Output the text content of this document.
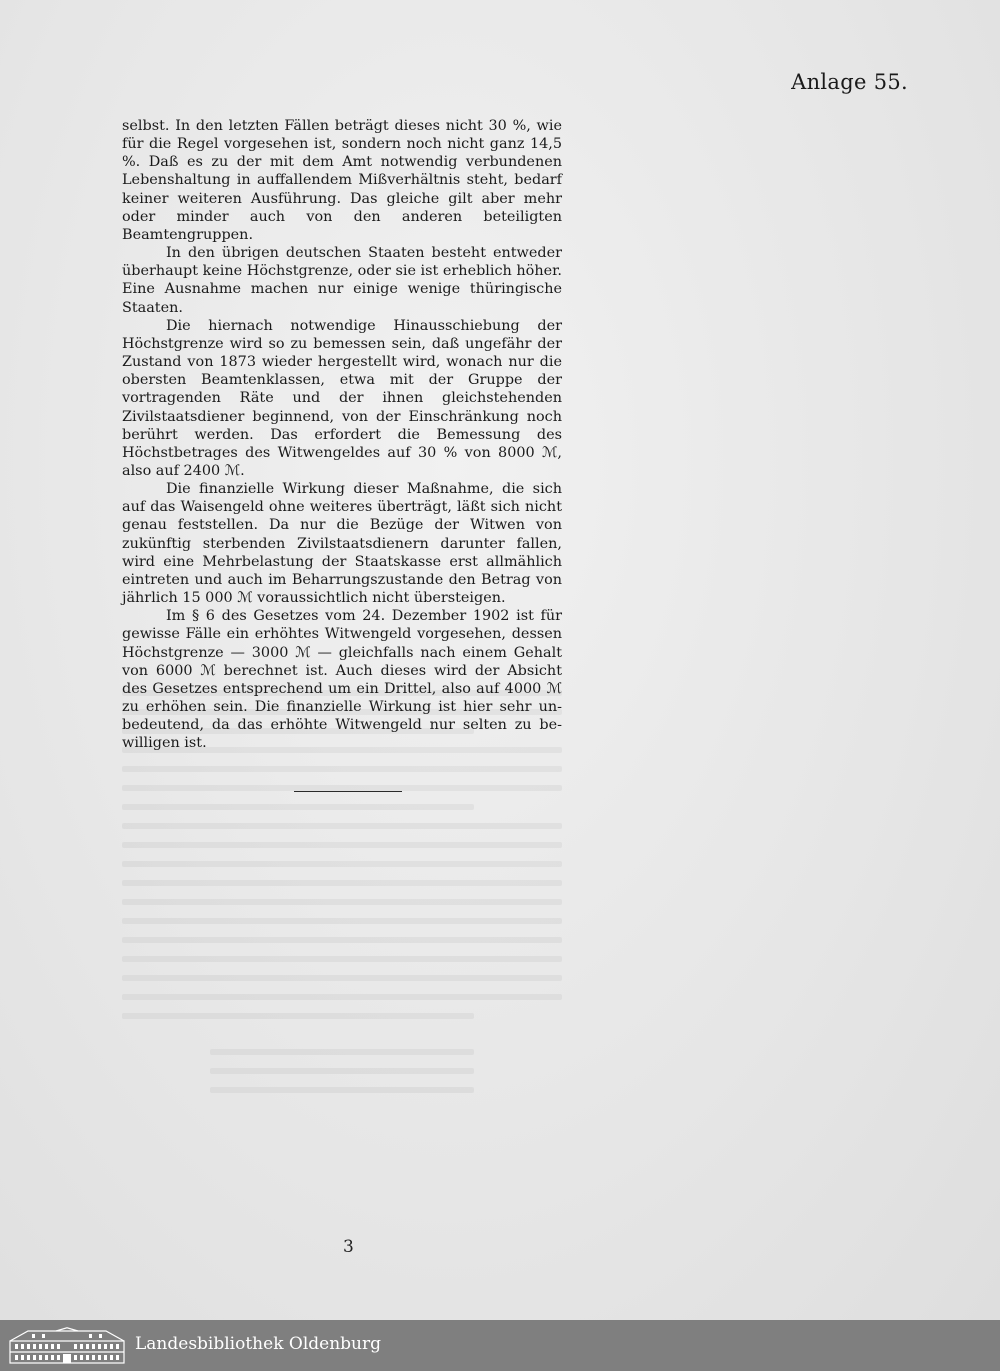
Anlage 55.

selbst. In den letzten Fällen beträgt dieses nicht 30 %, wie für die Regel vorgesehen ist, sondern noch nicht ganz 14,5 %. Daß es zu der mit dem Amt notwendig verbundenen Lebenshaltung in auffallendem Mißverhältnis steht, bedarf keiner weiteren Ausführung. Das gleiche gilt aber mehr oder minder auch von den anderen beteiligten Beamtengruppen.

In den übrigen deutschen Staaten besteht entweder überhaupt keine Höchstgrenze, oder sie ist erheblich höher. Eine Ausnahme machen nur einige wenige thüringische Staaten.

Die hiernach notwendige Hinausschiebung der Höchstgrenze wird so zu bemessen sein, daß ungefähr der Zustand von 1873 wieder hergestellt wird, wonach nur die obersten Beamtenklassen, etwa mit der Gruppe der vortragenden Räte und der ihnen gleichstehenden Zivilstaatsdiener beginnend, von der Einschränkung noch berührt werden. Das erfordert die Bemessung des Höchstbetrages des Witwengeldes auf 30 % von 8000 ℳ, also auf 2400 ℳ.

Die finanzielle Wirkung dieser Maßnahme, die sich auf das Waisengeld ohne weiteres überträgt, läßt sich nicht genau feststellen. Da nur die Bezüge der Witwen von zukünftig sterbenden Zivilstaatsdienern darunter fallen, wird eine Mehrbelastung der Staatskasse erst allmählich eintreten und auch im Beharrungszustande den Betrag von jährlich 15 000 ℳ voraussichtlich nicht übersteigen.

Im § 6 des Gesetzes vom 24. Dezember 1902 ist für gewisse Fälle ein erhöhtes Witwengeld vorgesehen, dessen Höchstgrenze — 3000 ℳ — gleichfalls nach einem Gehalt von 6000 ℳ berechnet ist. Auch dieses wird der Absicht des Gesetzes entsprechend um ein Drittel, also auf 4000 ℳ zu erhöhen sein. Die finanzielle Wirkung ist hier sehr unbedeutend, da das erhöhte Witwengeld nur selten zu bewilligen ist.

3
Landesbibliothek Oldenburg
